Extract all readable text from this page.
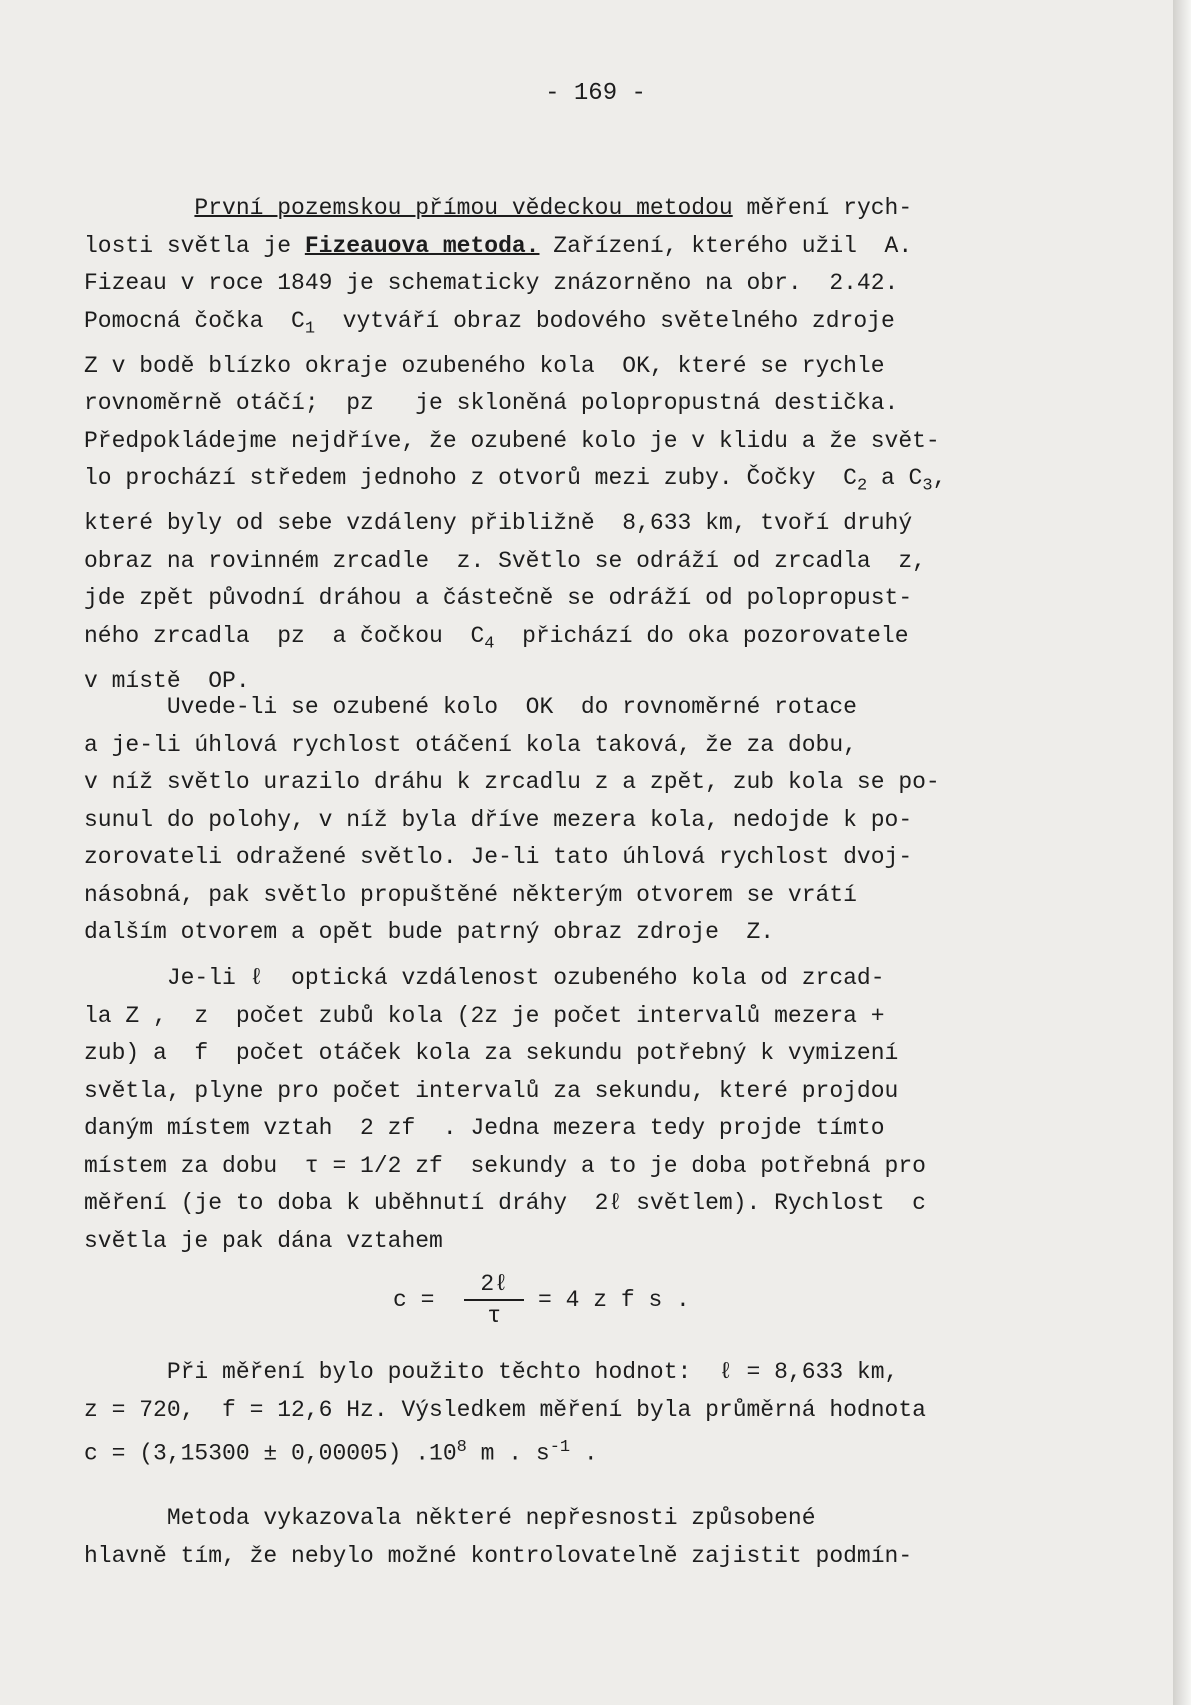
- 169 -
První pozemskou přímou vědeckou metodou měření rych-
losti světla je Fizeauova metoda. Zařízení, kterého užil  A.
Fizeau v roce 1849 je schematicky znázorněno na obr.  2.42.
Pomocná čočka  $C_1$  vytváří obraz bodového světelného zdroje
Z v bodě blízko okraje ozubeného kola  OK, které se rychle
rovnoměrně otáčí;  pz   je skloněná polopropustná destička.
Předpokládejme nejdříve, že ozubené kolo je v klidu a že svět-
lo prochází středem jednoho z otvorů mezi zuby. Čočky  $C_2$ a $C_3$,
které byly od sebe vzdáleny přibližně  8,633 km, tvoří druhý
obraz na rovinném zrcadle  z. Světlo se odráží od zrcadla  z,
jde zpět původní dráhou a částečně se odráží od polopropust-
ného zrcadla  pz  a čočkou  $C_4$  přichází do oka pozorovatele
v místě  OP.
Uvede-li se ozubené kolo  OK  do rovnoměrné rotace
a je-li úhlová rychlost otáčení kola taková, že za dobu,
v níž světlo urazilo dráhu k zrcadlu z a zpět, zub kola se po-
sunul do polohy, v níž byla dříve mezera kola, nedojde k po-
zorovateli odražené světlo. Je-li tato úhlová rychlost dvoj-
násobná, pak světlo propuštěné některým otvorem se vrátí
dalším otvorem a opět bude patrný obraz zdroje  Z.
Je-li ℓ  optická vzdálenost ozubeného kola od zrcad-
la Z ,  z  počet zubů kola (2z je počet intervalů mezera +
zub) a  f  počet otáček kola za sekundu potřebný k vymizení
světla, plyne pro počet intervalů za sekundu, které projdou
daným místem vztah  2 zf  . Jedna mezera tedy projde tímto
místem za dobu  τ = 1/2 zf  sekundy a to je doba potřebná pro
měření (je to doba k uběhnutí dráhy  2ℓ světlem). Rychlost  c
světla je pak dána vztahem
$c = \frac{\text{2ℓ}}{\tau} = 4$ z f s .
Při měření bylo použito těchto hodnot:  ℓ = 8,633 km,
z = 720,  f = 12,6 Hz. Výsledkem měření byla průměrná hodnota
c = (3,15300 ± 0,00005) $.10^8$ m . $s^{-1}$ .
Metoda vykazovala některé nepřesnosti způsobené
hlavně tím, že nebylo možné kontrolovatelně zajistit podmín-
